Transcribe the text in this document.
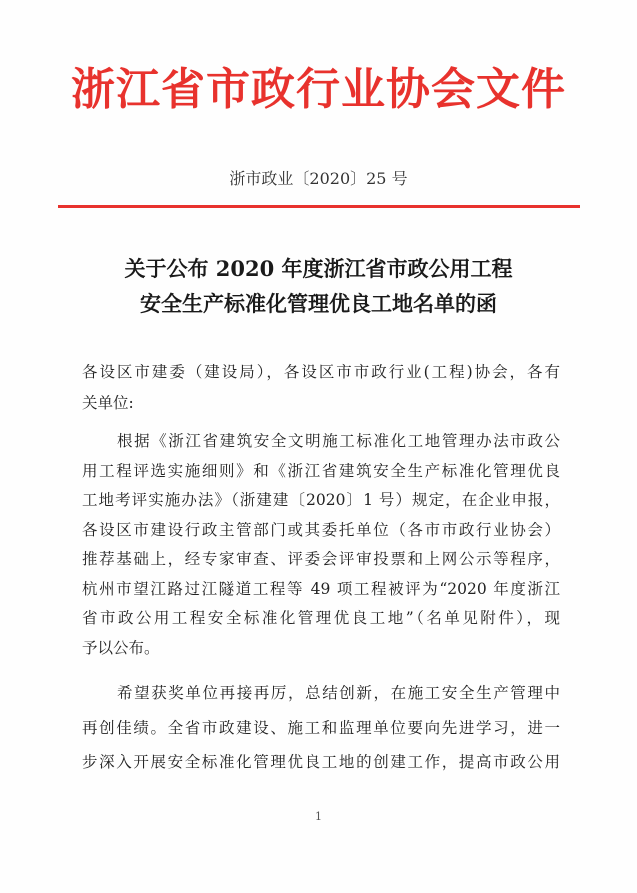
浙江省市政行业协会文件
浙市政业〔2020〕25 号
关于公布 2020 年度浙江省市政公用工程
安全生产标准化管理优良工地名单的函
各设区市建委（建设局），各设区市市政行业(工程)协会，各有
关单位:
根据《浙江省建筑安全文明施工标准化工地管理办法市政公
用工程评选实施细则》和《浙江省建筑安全生产标准化管理优良
工地考评实施办法》（浙建建〔2020〕1 号）规定，在企业申报，
各设区市建设行政主管部门或其委托单位（各市市政行业协会）
推荐基础上，经专家审查、评委会评审投票和上网公示等程序，
杭州市望江路过江隧道工程等 49 项工程被评为“2020 年度浙江
省市政公用工程安全标准化管理优良工地”（名单见附件），现
予以公布。
希望获奖单位再接再厉，总结创新，在施工安全生产管理中
再创佳绩。全省市政建设、施工和监理单位要向先进学习，进一
步深入开展安全标准化管理优良工地的创建工作，提高市政公用
1
